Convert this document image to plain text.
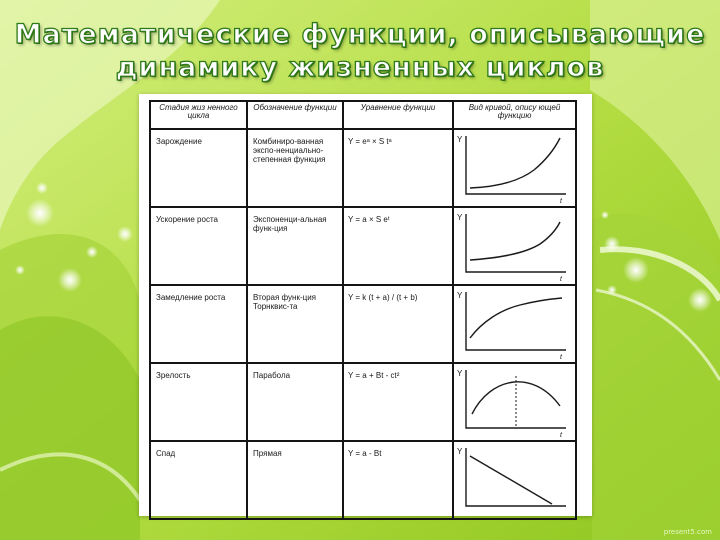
Математические функции, описывающие
динамику жизненных циклов
Стадия жиз ненного цикла	Обозначение функции	Уравнение функции	Вид кривой, опису ющей функцию

Зарождение	Комбиниро-ванная экспо-ненциально-степенная функция	Y = eᵃ × S tᵃ	Y
t

Ускорение роста	Экспоненци-альная функ-ция	Y = a × S eᵗ	Y
t

Замедление роста	Вторая функ-ция Торнквис-та	Y = k (t + a) / (t + b)	Y
t

Зрелость	Парабола	Y = a + Bt - ct²	Y
t

Спад	Прямая	Y = a - Bt	Y
present5.com
